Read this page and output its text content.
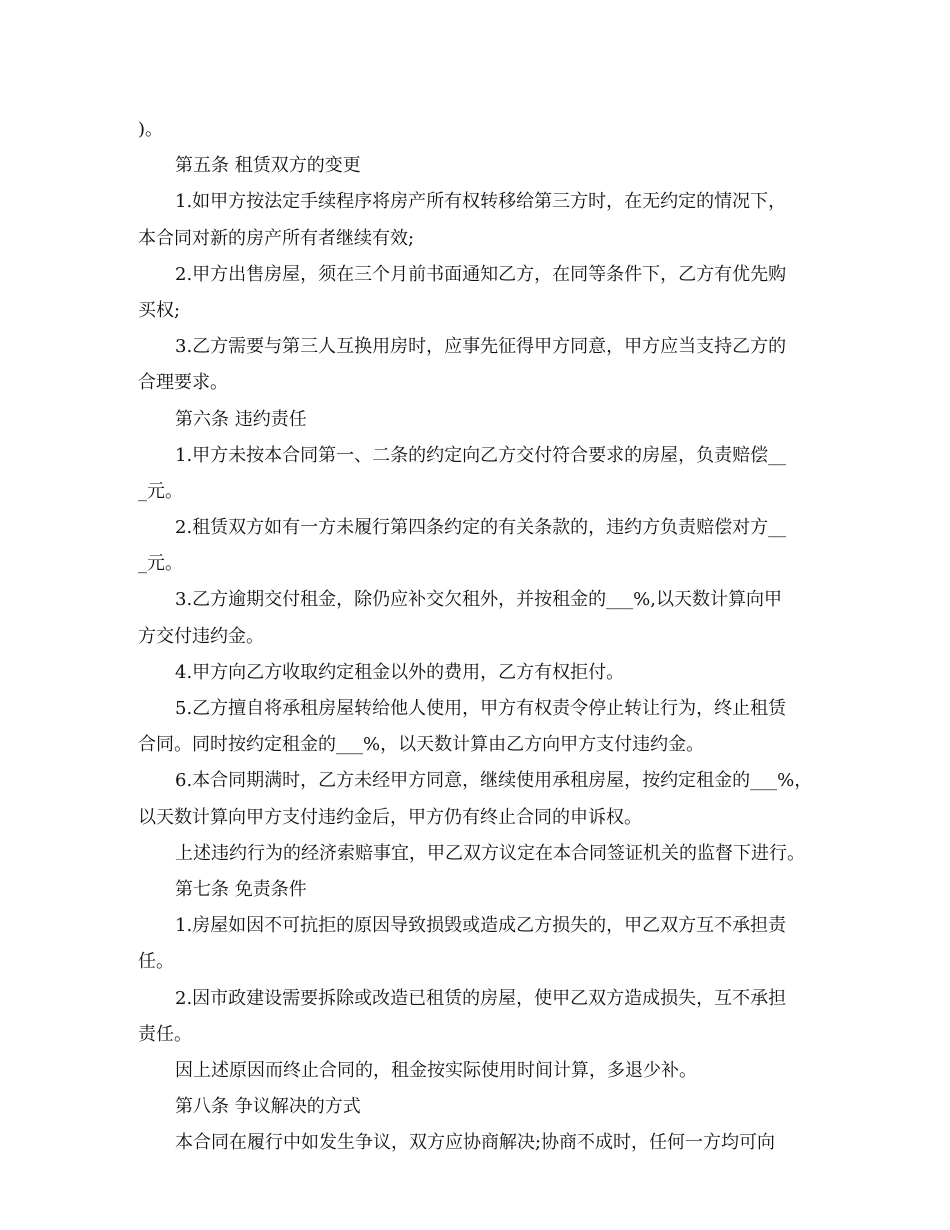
)。
第五条 租赁双方的变更
1.如甲方按法定手续程序将房产所有权转移给第三方时，在无约定的情况下，
本合同对新的房产所有者继续有效;
2.甲方出售房屋，须在三个月前书面通知乙方，在同等条件下，乙方有优先购
买权;
3.乙方需要与第三人互换用房时，应事先征得甲方同意，甲方应当支持乙方的
合理要求。
第六条 违约责任
1.甲方未按本合同第一、二条的约定向乙方交付符合要求的房屋，负责赔偿__
_元。
2.租赁双方如有一方未履行第四条约定的有关条款的，违约方负责赔偿对方__
_元。
3.乙方逾期交付租金，除仍应补交欠租外，并按租金的___%,以天数计算向甲
方交付违约金。
4.甲方向乙方收取约定租金以外的费用，乙方有权拒付。
5.乙方擅自将承租房屋转给他人使用，甲方有权责令停止转让行为，终止租赁
合同。同时按约定租金的___%，以天数计算由乙方向甲方支付违约金。
6.本合同期满时，乙方未经甲方同意，继续使用承租房屋，按约定租金的___%，
以天数计算向甲方支付违约金后，甲方仍有终止合同的申诉权。
上述违约行为的经济索赔事宜，甲乙双方议定在本合同签证机关的监督下进行。
第七条 免责条件
1.房屋如因不可抗拒的原因导致损毁或造成乙方损失的，甲乙双方互不承担责
任。
2.因市政建设需要拆除或改造已租赁的房屋，使甲乙双方造成损失，互不承担
责任。
因上述原因而终止合同的，租金按实际使用时间计算，多退少补。
第八条 争议解决的方式
本合同在履行中如发生争议，双方应协商解决;协商不成时，任何一方均可向
